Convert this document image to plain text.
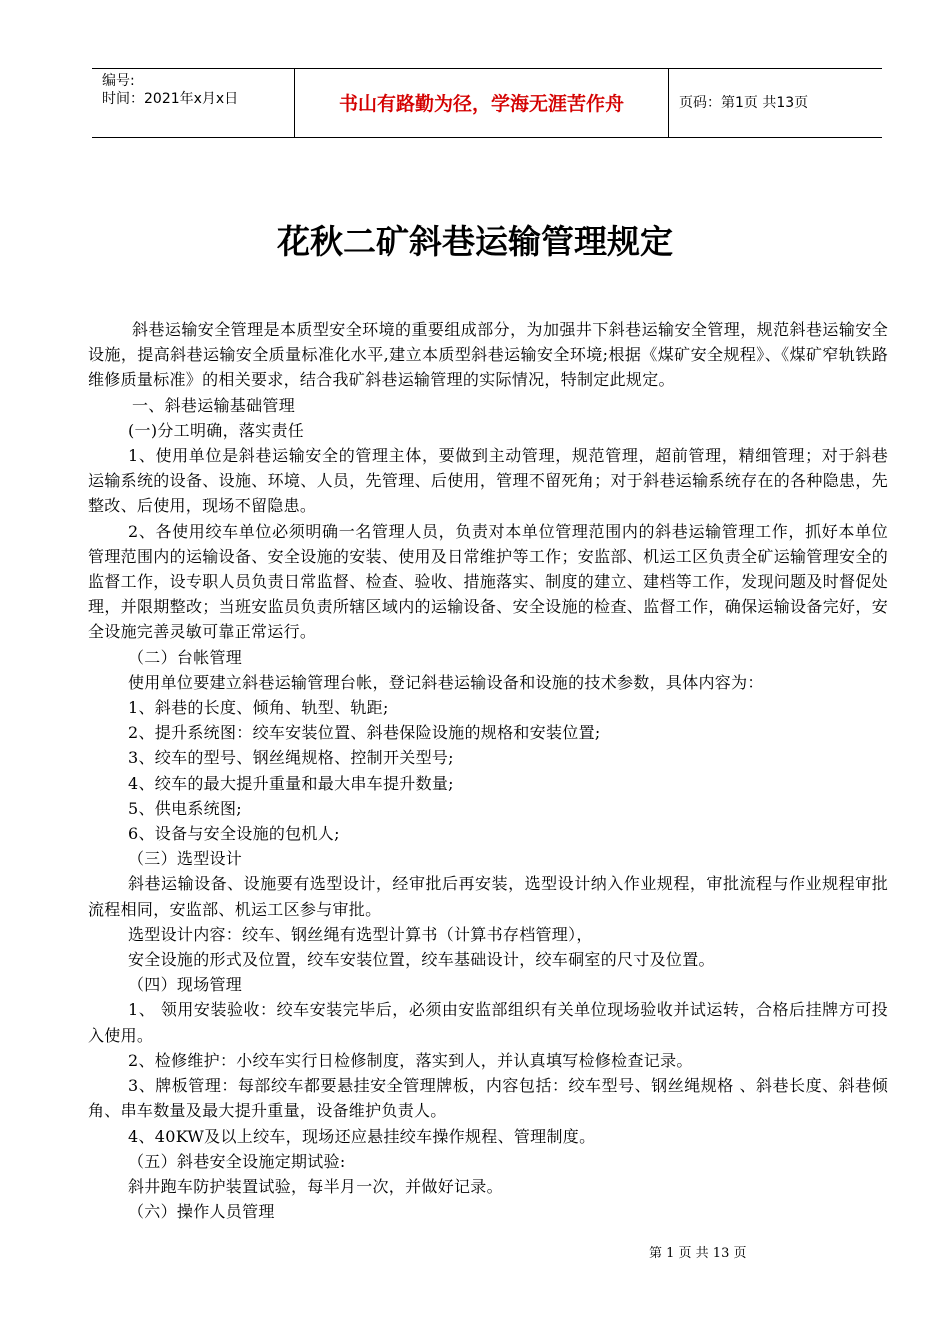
编号:
时间：2021年x月x日	书山有路勤为径，学海无涯苦作舟	页码：第1页 共13页
花秋二矿斜巷运输管理规定

斜巷运输安全管理是本质型安全环境的重要组成部分，为加强井下斜巷运输安全管理，规范斜巷运输安全设施，提高斜巷运输安全质量标准化水平,建立本质型斜巷运输安全环境;根据《煤矿安全规程》、《煤矿窄轨铁路维修质量标准》的相关要求，结合我矿斜巷运输管理的实际情况，特制定此规定。

一、斜巷运输基础管理

(一)分工明确，落实责任

1、使用单位是斜巷运输安全的管理主体，要做到主动管理，规范管理，超前管理，精细管理；对于斜巷运输系统的设备、设施、环境、人员，先管理、后使用，管理不留死角；对于斜巷运输系统存在的各种隐患，先整改、后使用，现场不留隐患。

2、各使用绞车单位必须明确一名管理人员，负责对本单位管理范围内的斜巷运输管理工作，抓好本单位管理范围内的运输设备、安全设施的安装、使用及日常维护等工作；安监部、机运工区负责全矿运输管理安全的监督工作，设专职人员负责日常监督、检查、验收、措施落实、制度的建立、建档等工作，发现问题及时督促处理，并限期整改；当班安监员负责所辖区域内的运输设备、安全设施的检查、监督工作，确保运输设备完好，安全设施完善灵敏可靠正常运行。

（二）台帐管理

使用单位要建立斜巷运输管理台帐，登记斜巷运输设备和设施的技术参数，具体内容为：

1、斜巷的长度、倾角、轨型、轨距;

2、提升系统图：绞车安装位置、斜巷保险设施的规格和安装位置;

3、绞车的型号、钢丝绳规格、控制开关型号;

4、绞车的最大提升重量和最大串车提升数量;

5、供电系统图;

6、设备与安全设施的包机人;

（三）选型设计

斜巷运输设备、设施要有选型设计，经审批后再安装，选型设计纳入作业规程，审批流程与作业规程审批流程相同，安监部、机运工区参与审批。

选型设计内容：绞车、钢丝绳有选型计算书（计算书存档管理），

安全设施的形式及位置，绞车安装位置，绞车基础设计，绞车硐室的尺寸及位置。

（四）现场管理

1、 领用安装验收：绞车安装完毕后，必须由安监部组织有关单位现场验收并试运转，合格后挂牌方可投入使用。

2、检修维护：小绞车实行日检修制度，落实到人，并认真填写检修检查记录。

3、牌板管理：每部绞车都要悬挂安全管理牌板，内容包括：绞车型号、钢丝绳规格 、斜巷长度、斜巷倾角、串车数量及最大提升重量，设备维护负责人。

4、40KW及以上绞车，现场还应悬挂绞车操作规程、管理制度。

（五）斜巷安全设施定期试验:

斜井跑车防护装置试验，每半月一次，并做好记录。

（六）操作人员管理

第 1 页 共 13 页
